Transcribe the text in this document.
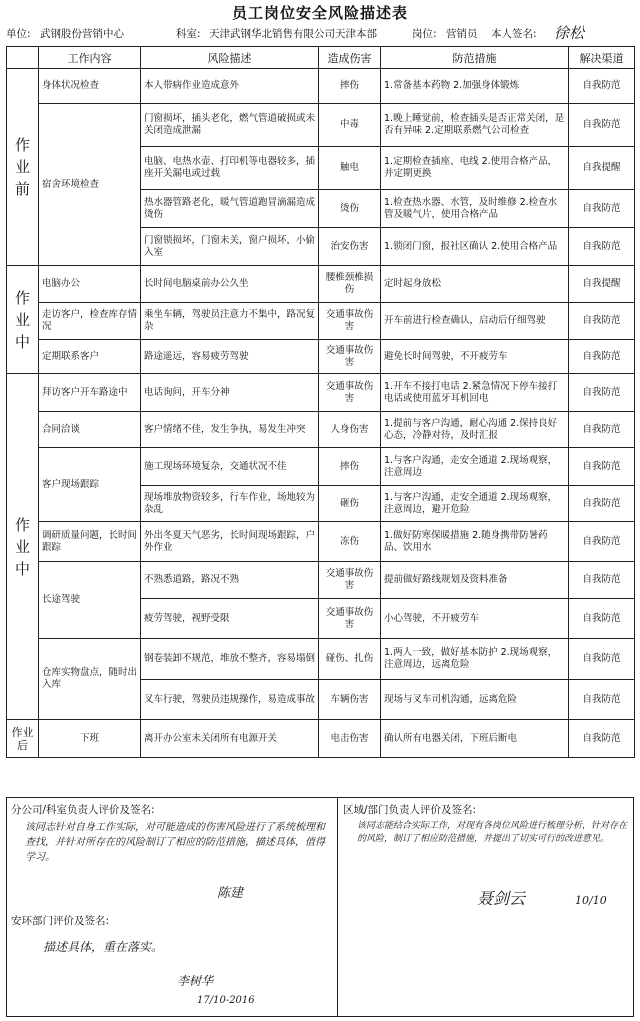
员工岗位安全风险描述表
单位: 武钢股份营销中心	科室: 天津武钢华北销售有限公司天津本部	岗位: 营销员 本人签名: 徐松
	工作内容	风险描述	造成伤害	防范措施	解决渠道
作业前	身体状况检查	本人带病作业造成意外	摔伤	1.常备基本药物 2.加强身体锻炼	自我防范
	宿舍环境检查	门窗损坏，插头老化，燃气管道破损或未关闭造成泄漏	中毒	1.晚上睡觉前，检查插头是否正常关闭，是否有异味 2.定期联系燃气公司检查	自我防范
		电脑、电热水壶、打印机等电器较多，插座开关漏电或过载	触电	1.定期检查插座、电线 2.使用合格产品，并定期更换	自我提醒
		热水器管路老化，暖气管道跑冒滴漏造成烫伤	烫伤	1.检查热水器、水管，及时维修 2.检查水管及暖气片，使用合格产品	自我防范
		门窗锁损坏，门窗未关，窗户损坏，小偷入室	治安伤害	1.锁闭门窗，报社区确认 2.使用合格产品	自我防范
作业中	电脑办公	长时间电脑桌前办公久坐	腰椎颈椎损伤	定时起身放松	自我提醒
	走访客户，检查库存情况	乘坐车辆，驾驶员注意力不集中，路况复杂	交通事故伤害	开车前进行检查确认，启动后仔细驾驶	自我防范
	定期联系客户	路途遥远，容易疲劳驾驶	交通事故伤害	避免长时间驾驶，不开疲劳车	自我防范
作业中	拜访客户开车路途中	电话询问，开车分神	交通事故伤害	1.开车不接打电话 2.紧急情况下停车接打电话或使用蓝牙耳机回电	自我防范
	合同洽谈	客户情绪不佳，发生争执，易发生冲突	人身伤害	1.提前与客户沟通，耐心沟通 2.保持良好心态，冷静对待，及时汇报	自我防范
	客户现场跟踪	施工现场环境复杂，交通状况不佳	摔伤	1.与客户沟通，走安全通道 2.现场观察，注意周边	自我防范
		现场堆放物资较多，行车作业，场地较为杂乱	砸伤	1.与客户沟通，走安全通道 2.现场观察，注意周边，避开危险	自我防范
	调研质量问题，长时间跟踪	外出冬夏天气恶劣，长时间现场跟踪，户外作业	冻伤	1.做好防寒保暖措施 2.随身携带防暑药品、饮用水	自我防范
	长途驾驶	不熟悉道路，路况不熟	交通事故伤害	提前做好路线规划及资料准备	自我防范
		疲劳驾驶，视野受限	交通事故伤害	小心驾驶，不开疲劳车	自我防范
	仓库实物盘点，随时出入库	钢卷装卸不规范，堆放不整齐，容易塌倒	碰伤、扎伤	1.两人一致，做好基本防护 2.现场观察，注意周边，远离危险	自我防范
		叉车行驶，驾驶员违规操作，易造成事故	车辆伤害	现场与叉车司机沟通，远离危险	自我防范
作业后	下班	离开办公室未关闭所有电源开关	电击伤害	确认所有电器关闭，下班后断电	自我防范
分公司/科室负责人评价及签名:
该同志针对自身工作实际，对可能造成的伤害风险进行了系统梳理和查找，并针对所存在的风险制订了相应的防范措施，描述具体，值得学习。
陈建
安环部门评价及签名:
描述具体，重在落实。
李树华
17/10-2016
区域/部门负责人评价及签名:
该同志能结合实际工作，对现有各岗位风险进行梳理分析，针对存在的风险，制订了相应防范措施，并提出了切实可行的改进意见。
聂剑云	10/10
